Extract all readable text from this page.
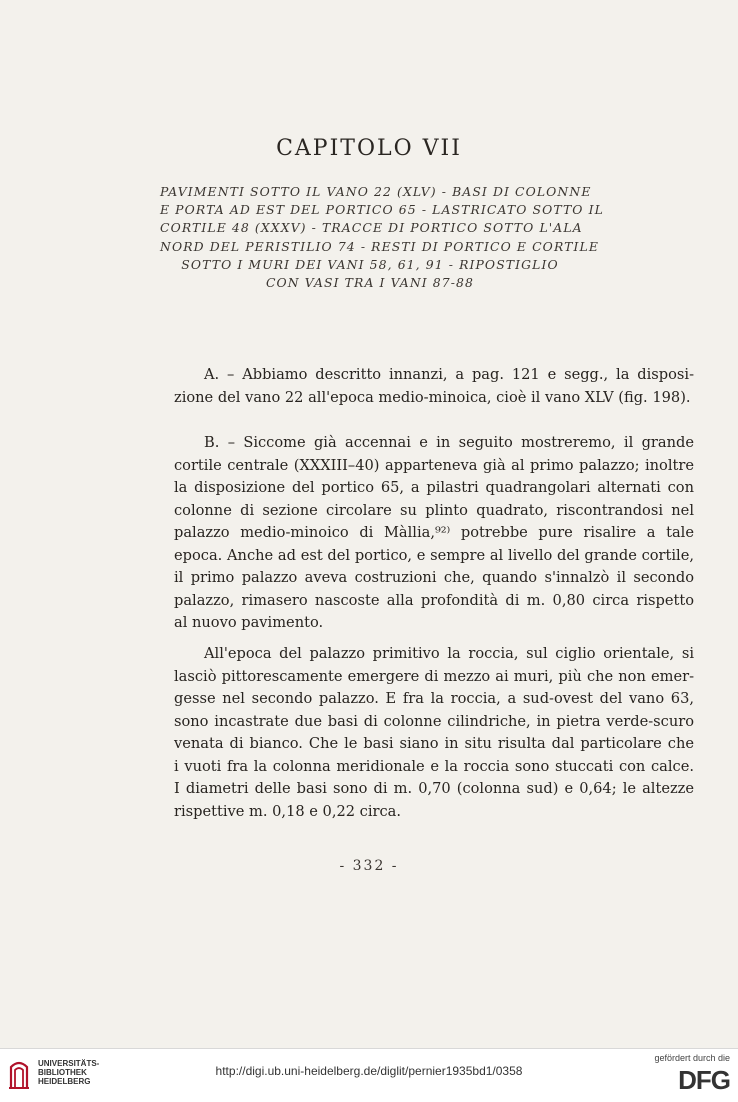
CAPITOLO VII
PAVIMENTI SOTTO IL VANO 22 (XLV) - BASI DI COLONNE
E PORTA AD EST DEL PORTICO 65 - LASTRICATO SOTTO IL
CORTILE 48 (XXXV) - TRACCE DI PORTICO SOTTO L'ALA
NORD DEL PERISTILIO 74 - RESTI DI PORTICO E CORTILE
SOTTO I MURI DEI VANI 58, 61, 91 - RIPOSTIGLIO
CON VASI TRA I VANI 87-88
A. – Abbiamo descritto innanzi, a pag. 121 e segg., la disposi-
zione del vano 22 all'epoca medio-minoica, cioè il vano XLV (fig. 198).
B. – Siccome già accennai e in seguito mostreremo, il grande
cortile centrale (XXXIII–40) apparteneva già al primo palazzo; inoltre
la disposizione del portico 65, a pilastri quadrangolari alternati con
colonne di sezione circolare su plinto quadrato, riscontrandosi nel
palazzo medio-minoico di Màllia,⁹²⁾ potrebbe pure risalire a tale
epoca. Anche ad est del portico, e sempre al livello del grande cortile,
il primo palazzo aveva costruzioni che, quando s'innalzò il secondo
palazzo, rimasero nascoste alla profondità di m. 0,80 circa rispetto
al nuovo pavimento.
All'epoca del palazzo primitivo la roccia, sul ciglio orientale, si
lasciò pittorescamente emergere di mezzo ai muri, più che non emer-
gesse nel secondo palazzo. E fra la roccia, a sud-ovest del vano 63,
sono incastrate due basi di colonne cilindriche, in pietra verde-scuro
venata di bianco. Che le basi siano in situ risulta dal particolare che
i vuoti fra la colonna meridionale e la roccia sono stuccati con calce.
I diametri delle basi sono di m. 0,70 (colonna sud) e 0,64; le altezze
rispettive m. 0,18 e 0,22 circa.
- 332 -
UNIVERSITÄTS-
BIBLIOTHEK
HEIDELBERG
http://digi.ub.uni-heidelberg.de/diglit/pernier1935bd1/0358
gefördert durch die
DFG
